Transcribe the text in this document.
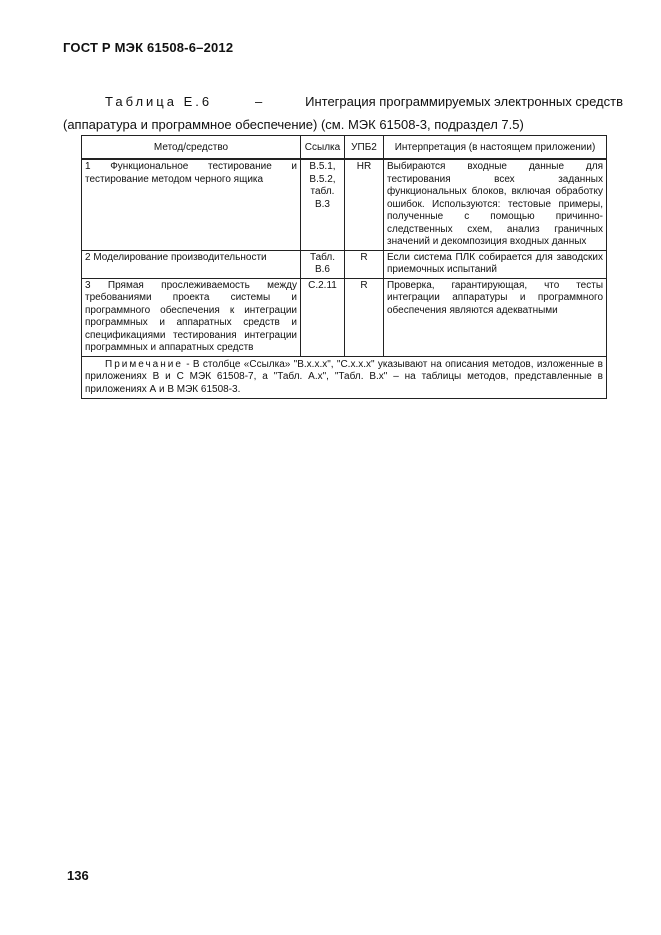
ГОСТ Р МЭК 61508-6–2012
Таблица Е.6	–	Интеграция программируемых электронных средств
(аппаратура и программное обеспечение) (см. МЭК 61508-3, подраздел 7.5)
Метод/средство	Ссылка	УПБ2	Интерпретация (в настоящем приложении)
1 Функциональное тестирование и тестирование методом черного ящика	В.5.1, В.5.2, табл. В.3	HR	Выбираются входные данные для тестирования всех заданных функциональных блоков, включая обработку ошибок. Используются: тестовые примеры, полученные с помощью причинно-следственных схем, анализ граничных значений и декомпозиция входных данных
2 Моделирование производительности	Табл. В.6	R	Если система ПЛК собирается для заводских приемочных испытаний
3 Прямая прослеживаемость между требованиями проекта системы и программного обеспечения к интеграции программных и аппаратных средств и спецификациями тестирования интеграции программных и аппаратных средств	С.2.11	R	Проверка, гарантирующая, что тесты интеграции аппаратуры и программного обеспечения являются адекватными
Примечание - В столбце «Ссылка» "В.х.х.х", "С.х.х.х" указывают на описания методов, изложенные в приложениях В и С МЭК 61508-7, а "Табл. А.х", "Табл. В.х" – на таблицы методов, представленные в приложениях А и В МЭК 61508-3.			
136
